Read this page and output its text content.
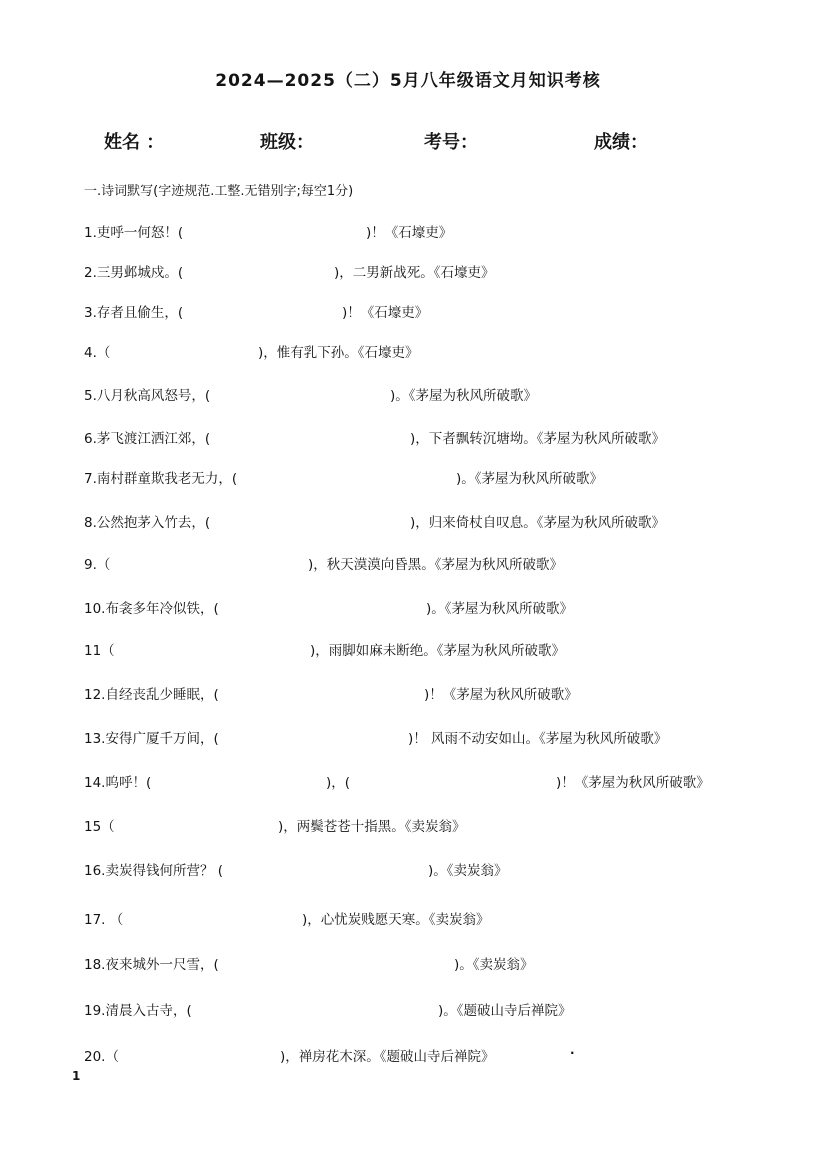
2024—2025（二）5月八年级语文月知识考核
姓名 ：	班级：	考号：	成绩：
一.诗词默写(字迹规范.工整.无错别字;每空1分)
1.吏呼一何怒！(	)！《石壕吏》
2.三男邺城戍。(	)，二男新战死。《石壕吏》
3.存者且偷生，(	)！《石壕吏》
4.（	)，惟有乳下孙。《石壕吏》
5.八月秋高风怒号，(	)。《茅屋为秋风所破歌》
6.茅飞渡江洒江郊，(	)，下者飘转沉塘坳。《茅屋为秋风所破歌》
7.南村群童欺我老无力，(	)。《茅屋为秋风所破歌》
8.公然抱茅入竹去，(	)，归来倚杖自叹息。《茅屋为秋风所破歌》
9.（	)，秋天漠漠向昏黑。《茅屋为秋风所破歌》
10.布衾多年冷似铁，(	)。《茅屋为秋风所破歌》
11（	)，雨脚如麻未断绝。《茅屋为秋风所破歌》
12.自经丧乱少睡眠，(	)！《茅屋为秋风所破歌》
13.安得广厦千万间，(	)！ 风雨不动安如山。《茅屋为秋风所破歌》
14.呜呼！(	)，(	)！《茅屋为秋风所破歌》
15（	)，两鬓苍苍十指黑。《卖炭翁》
16.卖炭得钱何所营？ (	)。《卖炭翁》
17. （	)，心忧炭贱愿天寒。《卖炭翁》
18.夜来城外一尺雪，(	)。《卖炭翁》
19.清晨入古寺，(	)。《题破山寺后禅院》
20.（	)，禅房花木深。《题破山寺后禅院》
1
·
